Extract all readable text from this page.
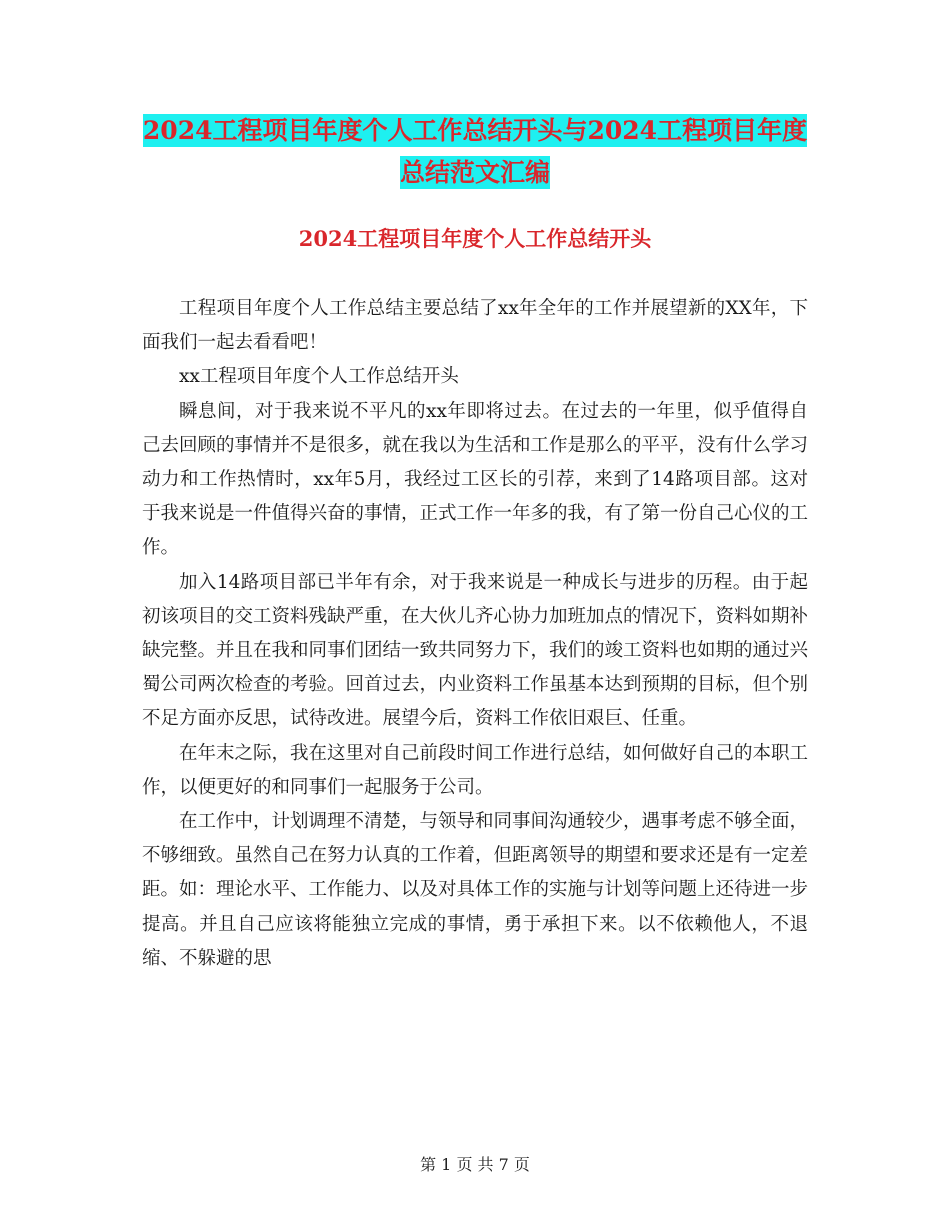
2024工程项目年度个人工作总结开头与2024工程项目年度总结范文汇编
2024工程项目年度个人工作总结开头

工程项目年度个人工作总结主要总结了xx年全年的工作并展望新的XX年，下面我们一起去看看吧！

xx工程项目年度个人工作总结开头

瞬息间，对于我来说不平凡的xx年即将过去。在过去的一年里，似乎值得自己去回顾的事情并不是很多，就在我以为生活和工作是那么的平平，没有什么学习动力和工作热情时，xx年5月，我经过工区长的引荐，来到了14路项目部。这对于我来说是一件值得兴奋的事情，正式工作一年多的我，有了第一份自己心仪的工作。

加入14路项目部已半年有余，对于我来说是一种成长与进步的历程。由于起初该项目的交工资料残缺严重，在大伙儿齐心协力加班加点的情况下，资料如期补缺完整。并且在我和同事们团结一致共同努力下，我们的竣工资料也如期的通过兴蜀公司两次检查的考验。回首过去，内业资料工作虽基本达到预期的目标，但个别不足方面亦反思，试待改进。展望今后，资料工作依旧艰巨、任重。

在年末之际，我在这里对自己前段时间工作进行总结，如何做好自己的本职工作，以便更好的和同事们一起服务于公司。

在工作中，计划调理不清楚，与领导和同事间沟通较少，遇事考虑不够全面，不够细致。虽然自己在努力认真的工作着，但距离领导的期望和要求还是有一定差距。如：理论水平、工作能力、以及对具体工作的实施与计划等问题上还待进一步提高。并且自己应该将能独立完成的事情，勇于承担下来。以不依赖他人，不退缩、不躲避的思

第 1 页 共 7 页
